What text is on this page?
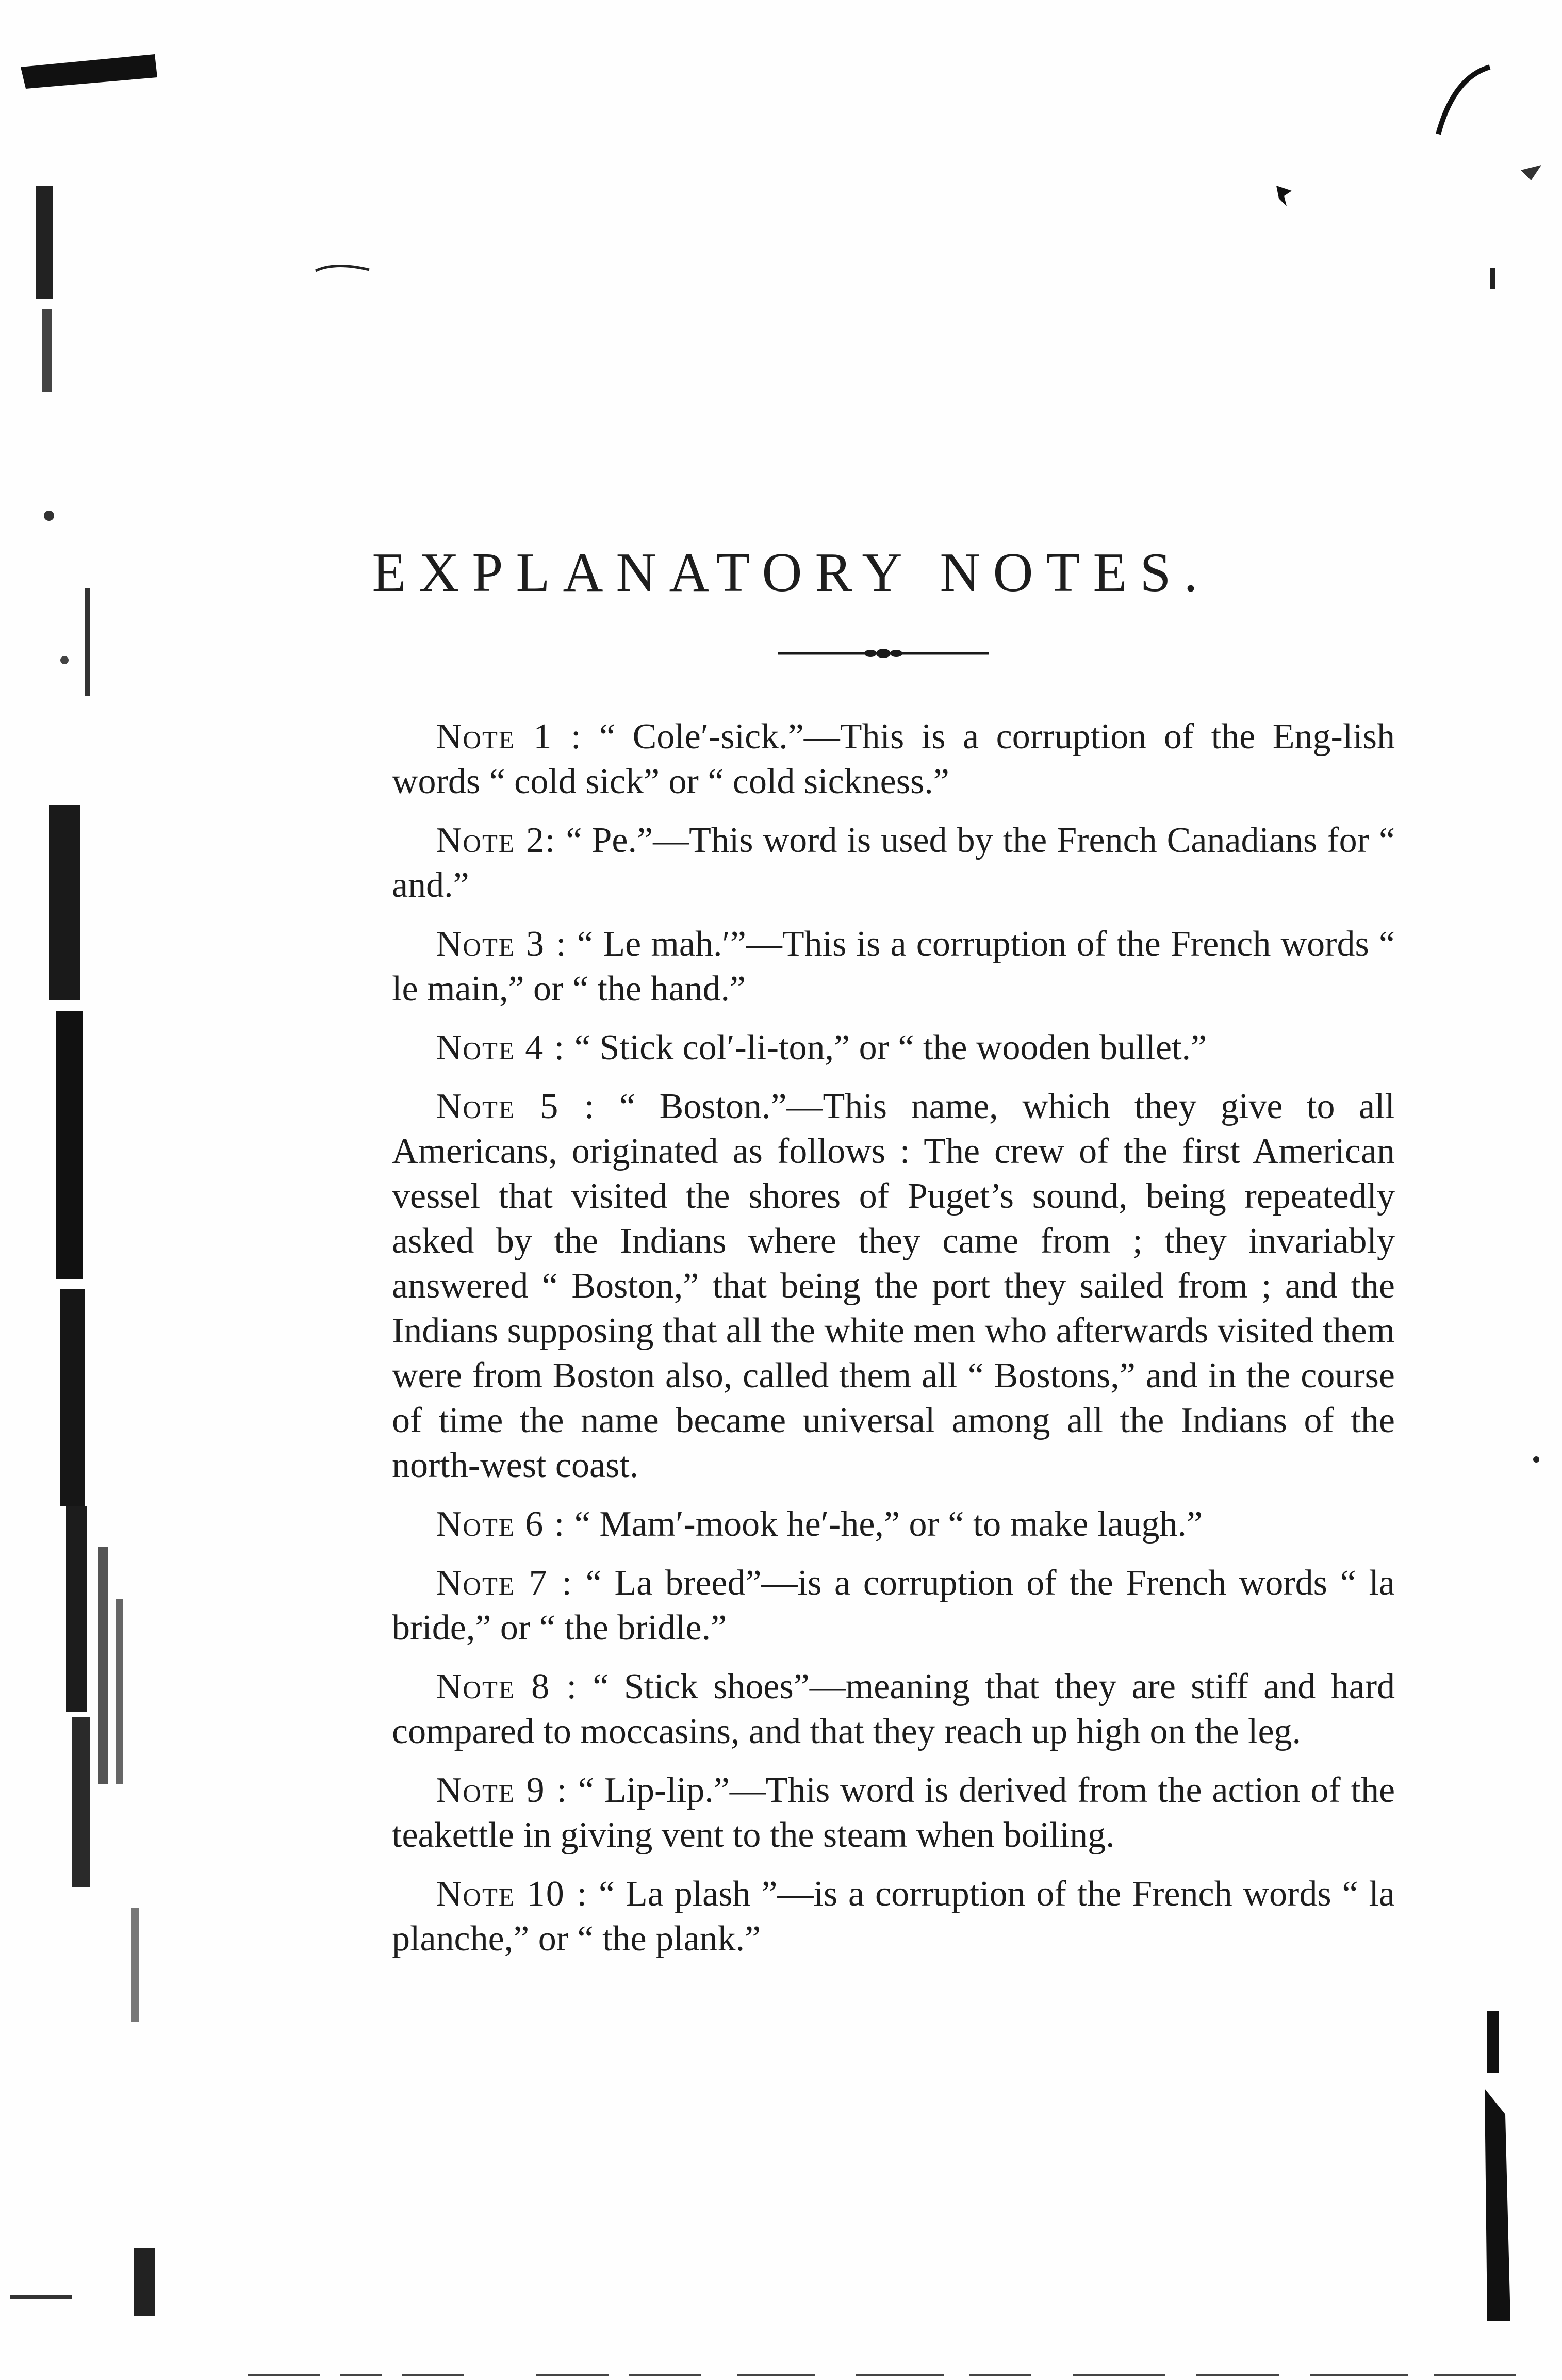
EXPLANATORY NOTES.

Note 1 : “ Cole′-sick.”—This is a corruption of the Eng-lish words “ cold sick” or “ cold sickness.”

Note 2: “ Pe.”—This word is used by the French Canadians for “ and.”

Note 3 : “ Le mah.′”—This is a corruption of the French words “ le main,” or “ the hand.”

Note 4 : “ Stick col′-li-ton,” or “ the wooden bullet.”

Note 5 : “ Boston.”—This name, which they give to all Americans, originated as follows : The crew of the first American vessel that visited the shores of Puget’s sound, being repeatedly asked by the Indians where they came from ; they invariably answered “ Boston,” that being the port they sailed from ; and the Indians supposing that all the white men who afterwards visited them were from Boston also, called them all “ Bostons,” and in the course of time the name became universal among all the Indians of the north-west coast.

Note 6 : “ Mam′-mook he′-he,” or “ to make laugh.”

Note 7 : “ La breed”—is a corruption of the French words “ la bride,” or “ the bridle.”

Note 8 : “ Stick shoes”—meaning that they are stiff and hard compared to moccasins, and that they reach up high on the leg.

Note 9 : “ Lip-lip.”—This word is derived from the action of the teakettle in giving vent to the steam when boiling.

Note 10 : “ La plash ”—is a corruption of the French words “ la planche,” or “ the plank.”
